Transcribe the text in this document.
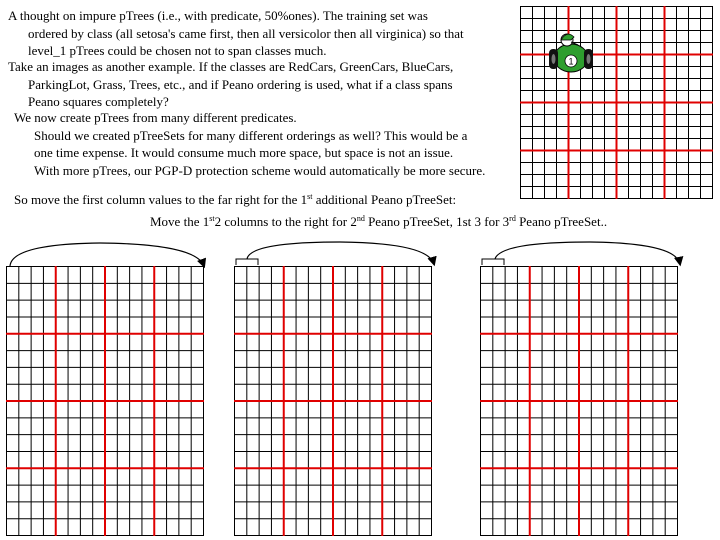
A thought on impure pTrees (i.e., with predicate, 50%ones). The training set was
ordered by class (all setosa's came first, then all versicolor then all virginica) so that
level_1 pTrees could be chosen not to span classes much.
Take an images as another example. If the classes are RedCars, GreenCars, BlueCars,
ParkingLot, Grass, Trees, etc., and if Peano ordering is used, what if a class spans
Peano squares completely?
We now create pTrees from many different predicates.
Should we created pTreeSets for many different orderings as well? This would be a
one time expense. It would consume much more space, but space is not an issue.
With more pTrees, our PGP-D protection scheme would automatically be more secure.
So move the first column values to the far right for the 1st additional Peano pTreeSet:
Move the 1st2 columns to the right for 2nd Peano pTreeSet, 1st 3 for 3rd Peano pTreeSet..
1
